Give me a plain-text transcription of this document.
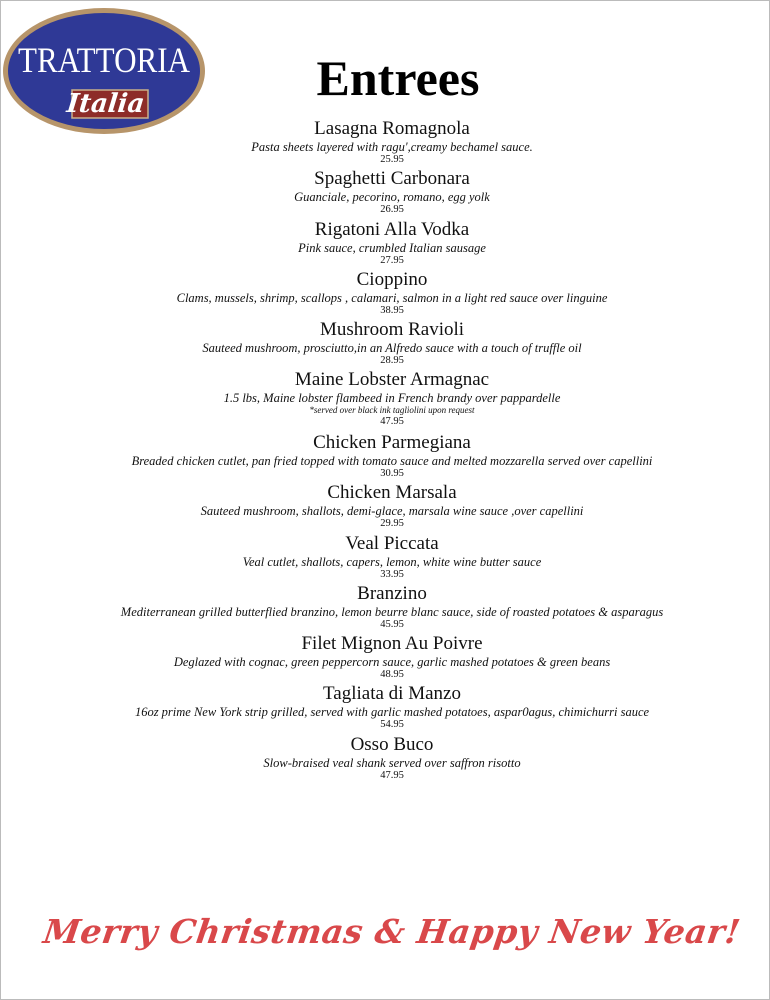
TRATTORIA
Italia	Entrees
Lasagna Romagnola
Pasta sheets layered with ragu',creamy bechamel sauce.
25.95
Spaghetti Carbonara
Guanciale, pecorino, romano, egg yolk
26.95
Rigatoni Alla Vodka
Pink sauce, crumbled Italian sausage
27.95
Cioppino
Clams, mussels, shrimp, scallops , calamari, salmon in a light red sauce over linguine
38.95
Mushroom Ravioli
Sauteed mushroom, prosciutto,in an Alfredo sauce with a touch of truffle oil
28.95
Maine Lobster Armagnac
1.5 lbs, Maine lobster flambeed in French brandy over pappardelle
*served over black ink tagliolini upon request
47.95
Chicken Parmegiana
Breaded chicken cutlet, pan fried topped with tomato sauce and melted mozzarella served over capellini
30.95
Chicken Marsala
Sauteed mushroom, shallots, demi-glace, marsala wine sauce ,over capellini
29.95
Veal Piccata
Veal cutlet, shallots, capers, lemon, white wine butter sauce
33.95
Branzino
Mediterranean grilled butterflied branzino, lemon beurre blanc sauce, side of roasted potatoes & asparagus
45.95
Filet Mignon Au Poivre
Deglazed with cognac, green peppercorn sauce, garlic mashed potatoes & green beans
48.95
Tagliata di Manzo
16oz prime New York strip grilled, served with garlic mashed potatoes, aspar0agus, chimichurri sauce
54.95
Osso Buco
Slow-braised veal shank served over saffron risotto
47.95
Merry Christmas & Happy New Year!
